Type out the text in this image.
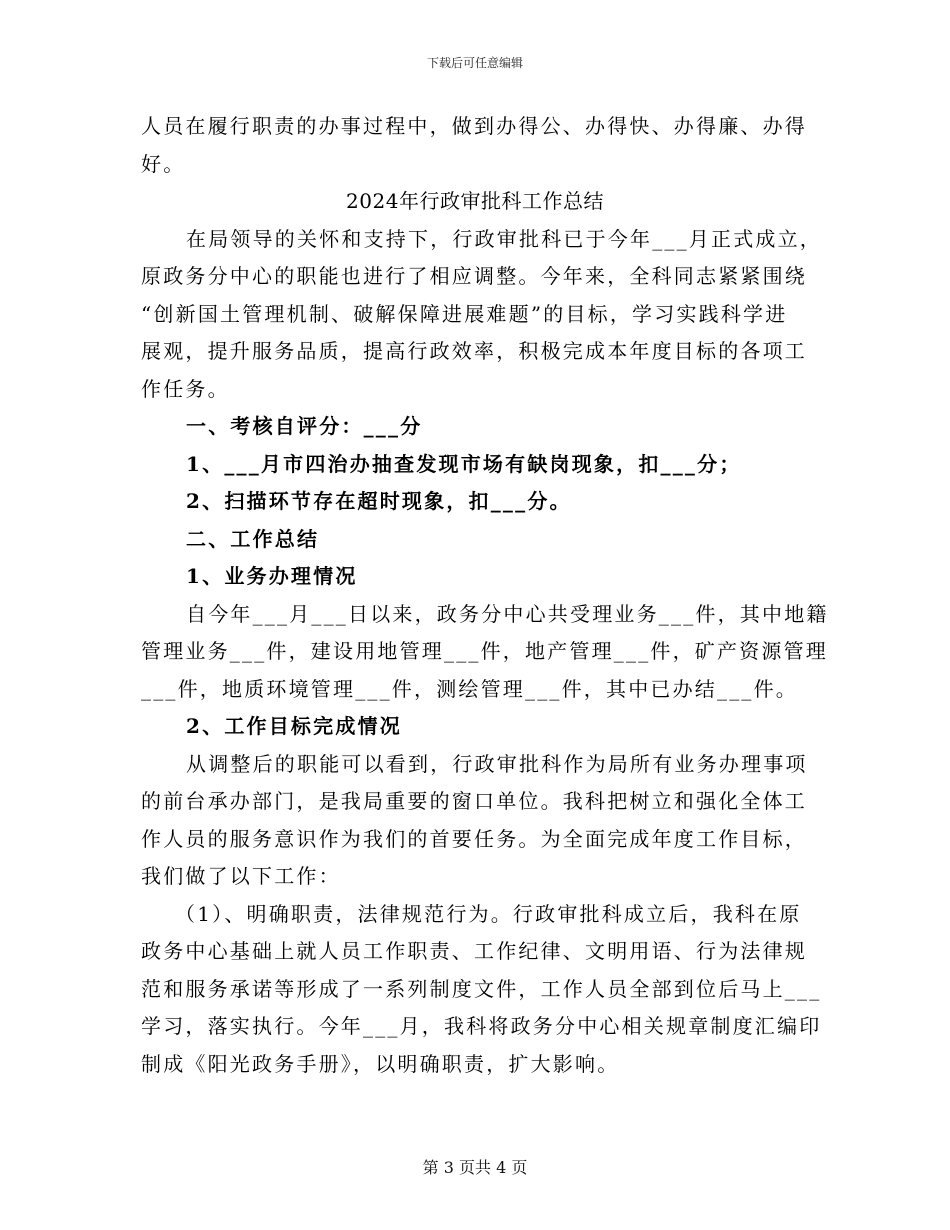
下载后可任意编辑
人员在履行职责的办事过程中，做到办得公、办得快、办得廉、办得
好。
2024年行政审批科工作总结
在局领导的关怀和支持下，行政审批科已于今年___月正式成立，
原政务分中心的职能也进行了相应调整。今年来，全科同志紧紧围绕
“创新国土管理机制、破解保障进展难题”的目标，学习实践科学进
展观，提升服务品质，提高行政效率，积极完成本年度目标的各项工
作任务。
一、考核自评分：___分
1、___月市四治办抽查发现市场有缺岗现象，扣___分；
2、扫描环节存在超时现象，扣___分。
二、工作总结
1、业务办理情况
自今年___月___日以来，政务分中心共受理业务___件，其中地籍
管理业务___件，建设用地管理___件，地产管理___件，矿产资源管理
___件，地质环境管理___件，测绘管理___件，其中已办结___件。
2、工作目标完成情况
从调整后的职能可以看到，行政审批科作为局所有业务办理事项
的前台承办部门，是我局重要的窗口单位。我科把树立和强化全体工
作人员的服务意识作为我们的首要任务。为全面完成年度工作目标，
我们做了以下工作：
（1）、明确职责，法律规范行为。行政审批科成立后，我科在原
政务中心基础上就人员工作职责、工作纪律、文明用语、行为法律规
范和服务承诺等形成了一系列制度文件，工作人员全部到位后马上___
学习，落实执行。今年___月，我科将政务分中心相关规章制度汇编印
制成《阳光政务手册》，以明确职责，扩大影响。
第 3 页共 4 页
